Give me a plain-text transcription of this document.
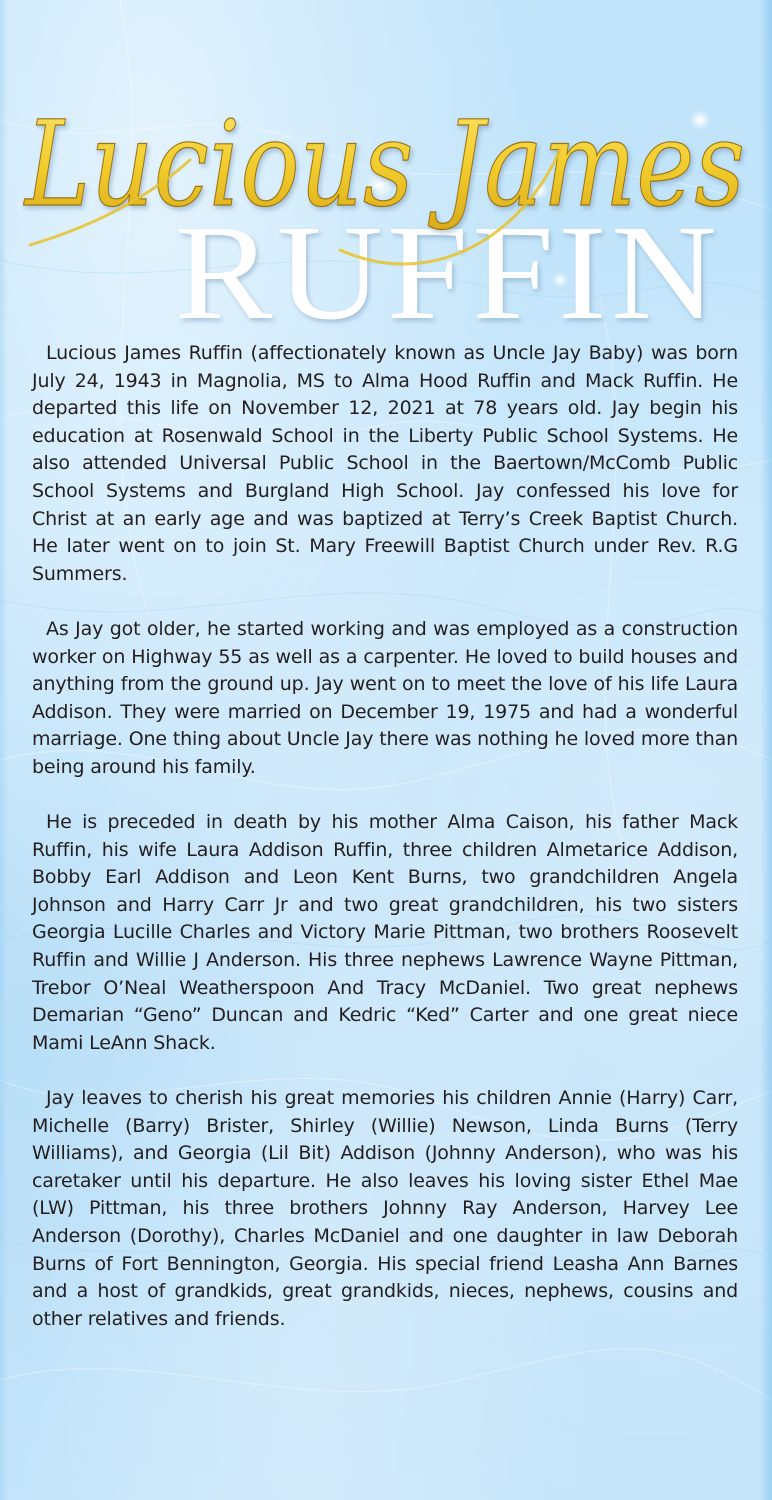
RUFFIN
Lucious James

Lucious James Ruffin (affectionately known as Uncle Jay Baby) was born July 24, 1943 in Magnolia, MS to Alma Hood Ruffin and Mack Ruffin. He departed this life on November 12, 2021 at 78 years old. Jay begin his education at Rosenwald School in the Liberty Public School Systems. He also attended Universal Public School in the Baertown/McComb Public School Systems and Burgland High School. Jay confessed his love for Christ at an early age and was baptized at Terry’s Creek Baptist Church. He later went on to join St. Mary Freewill Baptist Church under Rev. R.G Summers.

As Jay got older, he started working and was employed as a construction worker on Highway 55 as well as a carpenter. He loved to build houses and anything from the ground up. Jay went on to meet the love of his life Laura Addison. They were married on December 19, 1975 and had a wonderful marriage. One thing about Uncle Jay there was nothing he loved more than being around his family.

He is preceded in death by his mother Alma Caison, his father Mack Ruffin, his wife Laura Addison Ruffin, three children Almetarice Addison, Bobby Earl Addison and Leon Kent Burns, two grandchildren Angela Johnson and Harry Carr Jr and two great grandchildren, his two sisters Georgia Lucille Charles and Victory Marie Pittman, two brothers Roosevelt Ruffin and Willie J Anderson. His three nephews Lawrence Wayne Pittman, Trebor O’Neal Weatherspoon And Tracy McDaniel. Two great nephews Demarian “Geno” Duncan and Kedric “Ked” Carter and one great niece Mami LeAnn Shack.

Jay leaves to cherish his great memories his children Annie (Harry) Carr, Michelle (Barry) Brister, Shirley (Willie) Newson, Linda Burns (Terry Williams), and Georgia (Lil Bit) Addison (Johnny Anderson), who was his caretaker until his departure. He also leaves his loving sister Ethel Mae (LW) Pittman, his three brothers Johnny Ray Anderson, Harvey Lee Anderson (Dorothy), Charles McDaniel and one daughter in law Deborah Burns of Fort Bennington, Georgia. His special friend Leasha Ann Barnes and a host of grandkids, great grandkids, nieces, nephews, cousins and other relatives and friends.
